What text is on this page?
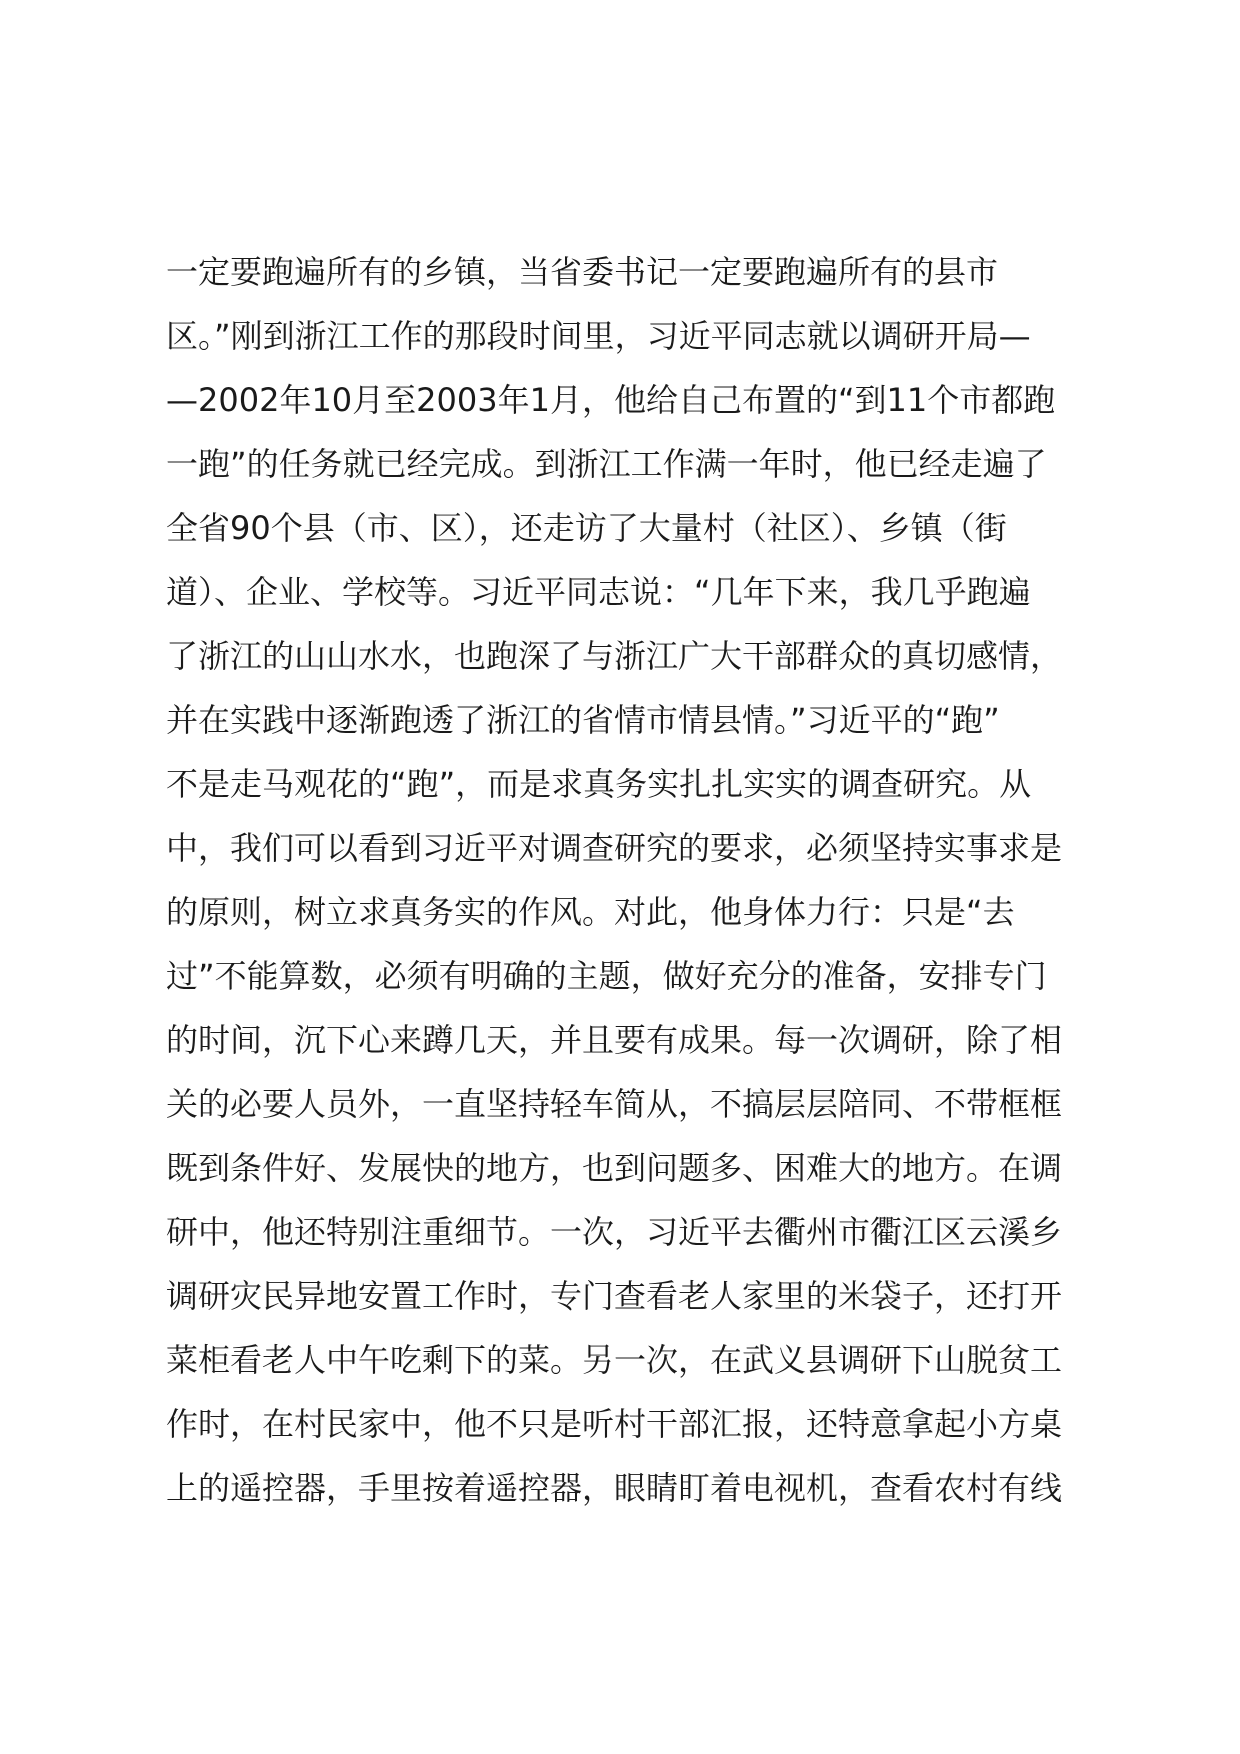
一定要跑遍所有的乡镇，当省委书记一定要跑遍所有的县市
区。”刚到浙江工作的那段时间里，习近平同志就以调研开局—
—2002年10月至2003年1月，他给自己布置的“到11个市都跑
一跑”的任务就已经完成。到浙江工作满一年时，他已经走遍了
全省90个县（市、区），还走访了大量村（社区）、乡镇（街
道）、企业、学校等。习近平同志说：“几年下来，我几乎跑遍
了浙江的山山水水，也跑深了与浙江广大干部群众的真切感情，
并在实践中逐渐跑透了浙江的省情市情县情。”习近平的“跑”
不是走马观花的“跑”，而是求真务实扎扎实实的调查研究。从
中，我们可以看到习近平对调查研究的要求，必须坚持实事求是
的原则，树立求真务实的作风。对此，他身体力行：只是“去
过”不能算数，必须有明确的主题，做好充分的准备，安排专门
的时间，沉下心来蹲几天，并且要有成果。每一次调研，除了相
关的必要人员外，一直坚持轻车简从，不搞层层陪同、不带框框
既到条件好、发展快的地方，也到问题多、困难大的地方。在调
研中，他还特别注重细节。一次，习近平去衢州市衢江区云溪乡
调研灾民异地安置工作时，专门查看老人家里的米袋子，还打开
菜柜看老人中午吃剩下的菜。另一次，在武义县调研下山脱贫工
作时，在村民家中，他不只是听村干部汇报，还特意拿起小方桌
上的遥控器，手里按着遥控器，眼睛盯着电视机，查看农村有线
